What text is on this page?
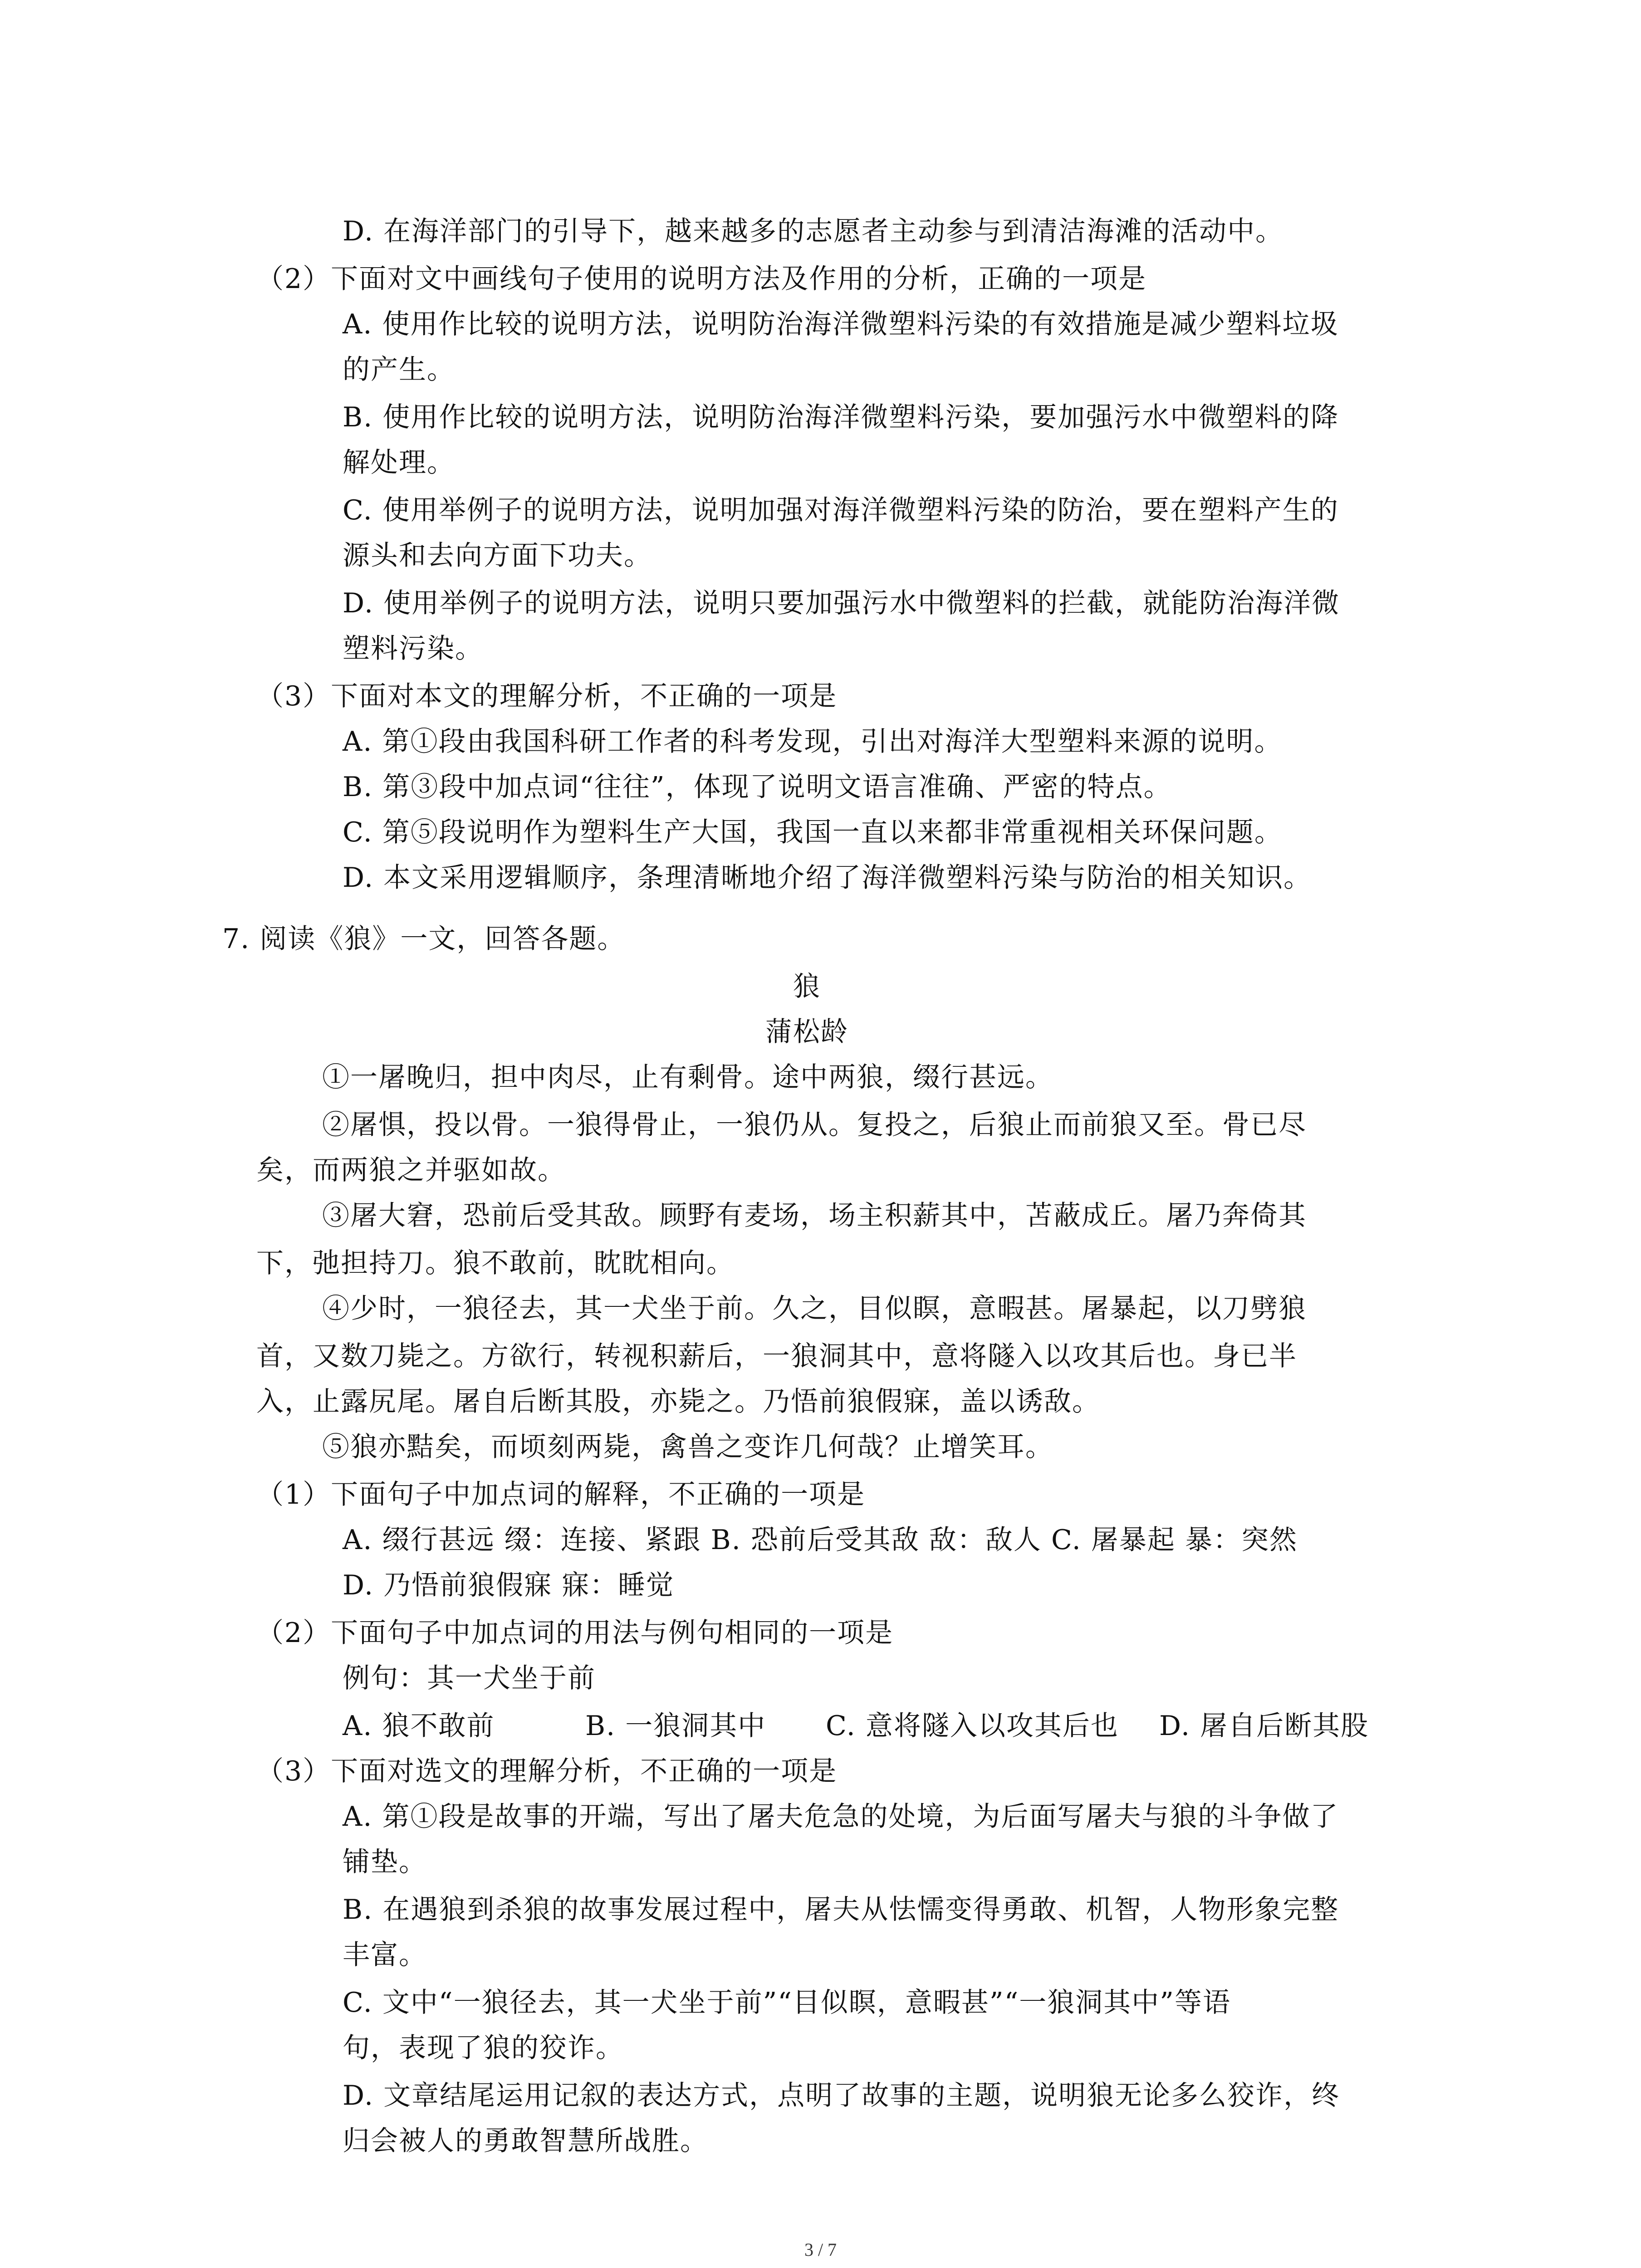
D. 在海洋部门的引导下，越来越多的志愿者主动参与到清洁海滩的活动中。
（2）下面对文中画线句子使用的说明方法及作用的分析，正确的一项是
A. 使用作比较的说明方法，说明防治海洋微塑料污染的有效措施是减少塑料垃圾
的产生。
B. 使用作比较的说明方法，说明防治海洋微塑料污染，要加强污水中微塑料的降
解处理。
C. 使用举例子的说明方法，说明加强对海洋微塑料污染的防治，要在塑料产生的
源头和去向方面下功夫。
D. 使用举例子的说明方法，说明只要加强污水中微塑料的拦截，就能防治海洋微
塑料污染。
（3）下面对本文的理解分析，不正确的一项是
A. 第①段由我国科研工作者的科考发现，引出对海洋大型塑料来源的说明。
B. 第③段中加点词“往往”，体现了说明文语言准确、严密的特点。
C. 第⑤段说明作为塑料生产大国，我国一直以来都非常重视相关环保问题。
D. 本文采用逻辑顺序，条理清晰地介绍了海洋微塑料污染与防治的相关知识。
7. 阅读《狼》一文，回答各题。
狼
蒲松龄
①一屠晚归，担中肉尽，止有剩骨。途中两狼，缀行甚远。
②屠惧，投以骨。一狼得骨止，一狼仍从。复投之，后狼止而前狼又至。骨已尽
矣，而两狼之并驱如故。
③屠大窘，恐前后受其敌。顾野有麦场，场主积薪其中，苫蔽成丘。屠乃奔倚其
下，弛担持刀。狼不敢前，眈眈相向。
④少时，一狼径去，其一犬坐于前。久之，目似瞑，意暇甚。屠暴起，以刀劈狼
首，又数刀毙之。方欲行，转视积薪后，一狼洞其中，意将隧入以攻其后也。身已半
入，止露尻尾。屠自后断其股，亦毙之。乃悟前狼假寐，盖以诱敌。
⑤狼亦黠矣，而顷刻两毙，禽兽之变诈几何哉？止增笑耳。
（1）下面句子中加点词的解释，不正确的一项是
A. 缀行甚远 缀：连接、紧跟 B. 恐前后受其敌 敌：敌人 C. 屠暴起 暴：突然
D. 乃悟前狼假寐 寐：睡觉
（2）下面句子中加点词的用法与例句相同的一项是
例句：其一犬坐于前
A. 狼不敢前	B. 一狼洞其中 C. 意将隧入以攻其后也 D. 屠自后断其股
（3）下面对选文的理解分析，不正确的一项是
A. 第①段是故事的开端，写出了屠夫危急的处境，为后面写屠夫与狼的斗争做了
铺垫。
B. 在遇狼到杀狼的故事发展过程中，屠夫从怯懦变得勇敢、机智，人物形象完整
丰富。
C. 文中“一狼径去，其一犬坐于前”“目似瞑，意暇甚”“一狼洞其中”等语
句，表现了狼的狡诈。
D. 文章结尾运用记叙的表达方式，点明了故事的主题，说明狼无论多么狡诈，终
归会被人的勇敢智慧所战胜。
3 / 7
